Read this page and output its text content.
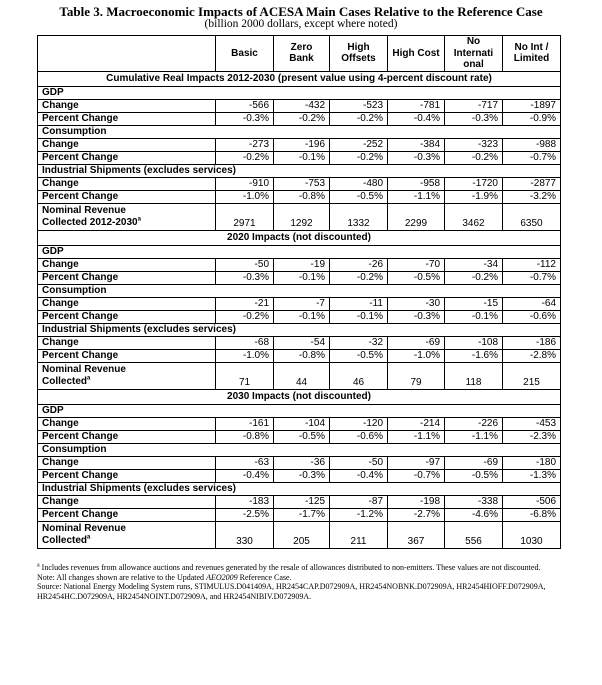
Table 3. Macroeconomic Impacts of ACESA Main Cases Relative to the Reference Case
(billion 2000 dollars, except where noted)
	Basic	Zero Bank	High Offsets	High Cost	No Internati onal	No Int / Limited
Cumulative Real Impacts 2012-2030 (present value using 4-percent discount rate)						
GDP						
Change	-566	-432	-523	-781	-717	-1897
Percent Change	-0.3%	-0.2%	-0.2%	-0.4%	-0.3%	-0.9%
Consumption						
Change	-273	-196	-252	-384	-323	-988
Percent Change	-0.2%	-0.1%	-0.2%	-0.3%	-0.2%	-0.7%
Industrial Shipments (excludes services)						
Change	-910	-753	-480	-958	-1720	-2877
Percent Change	-1.0%	-0.8%	-0.5%	-1.1%	-1.9%	-3.2%
Nominal Revenue
Collected 2012-2030$^a$	2971	1292	1332	2299	3462	6350
2020 Impacts (not discounted)						
GDP						
Change	-50	-19	-26	-70	-34	-112
Percent Change	-0.3%	-0.1%	-0.2%	-0.5%	-0.2%	-0.7%
Consumption						
Change	-21	-7	-11	-30	-15	-64
Percent Change	-0.2%	-0.1%	-0.1%	-0.3%	-0.1%	-0.6%
Industrial Shipments (excludes services)						
Change	-68	-54	-32	-69	-108	-186
Percent Change	-1.0%	-0.8%	-0.5%	-1.0%	-1.6%	-2.8%
Nominal Revenue
Collected$^a$	71	44	46	79	118	215
2030 Impacts (not discounted)						
GDP						
Change	-161	-104	-120	-214	-226	-453
Percent Change	-0.8%	-0.5%	-0.6%	-1.1%	-1.1%	-2.3%
Consumption						
Change	-63	-36	-50	-97	-69	-180
Percent Change	-0.4%	-0.3%	-0.4%	-0.7%	-0.5%	-1.3%
Industrial Shipments (excludes services)						
Change	-183	-125	-87	-198	-338	-506
Percent Change	-2.5%	-1.7%	-1.2%	-2.7%	-4.6%	-6.8%
Nominal Revenue
Collected$^a$	330	205	211	367	556	1030
$^a$ Includes revenues from allowance auctions and revenues generated by the resale of allowances distributed to non-emitters. These values are not discounted.
Note: All changes shown are relative to the Updated AEO2009 Reference Case.
Source: National Energy Modeling System runs, STIMULUS.D041409A, HR2454CAP.D072909A, HR2454NOBNK.D072909A, HR2454HIOFF.D072909A, HR2454HC.D072909A, HR2454NOINT.D072909A, and HR2454NIBIV.D072909A.
